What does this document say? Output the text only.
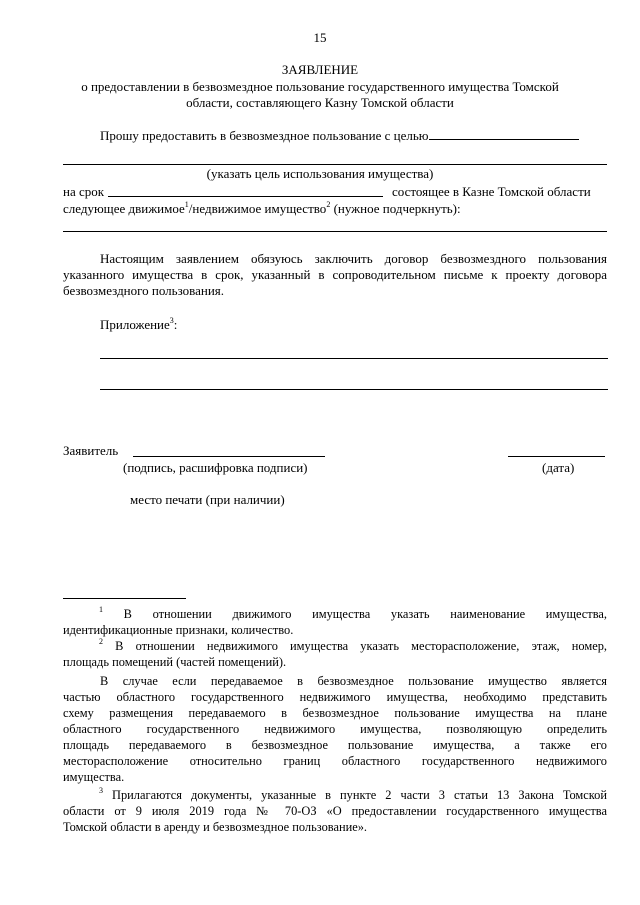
15
ЗАЯВЛЕНИЕ
о предоставлении в безвозмездное пользование государственного имущества Томской
области, составляющего Казну Томской области
Прошу предоставить в безвозмездное пользование с целью
(указать цель использования имущества)
на срок	состоящее в Казне Томской области
следующее движимое$^1$/недвижимое имущество$^2$ (нужное подчеркнуть):
Настоящим заявлением обязуюсь заключить договор безвозмездного пользования
указанного имущества в срок, указанный в сопроводительном письме к проекту договора
безвозмездного пользования.
Приложение$^3$:
Заявитель
(подпись, расшифровка подписи)	(дата)
место печати (при наличии)
$^1$ В отношении движимого имущества указать наименование имущества,
идентификационные признаки, количество.
$^2$ В отношении недвижимого имущества указать месторасположение, этаж, номер,
площадь помещений (частей помещений).
В случае если передаваемое в безвозмездное пользование имущество является
частью областного государственного недвижимого имущества, необходимо представить
схему размещения передаваемого в безвозмездное пользование имущества на плане
областного государственного недвижимого имущества, позволяющую определить
площадь передаваемого в безвозмездное пользование имущества, а также его
месторасположение относительно границ областного государственного недвижимого
имущества.
$^3$ Прилагаются документы, указанные в пункте 2 части 3 статьи 13 Закона Томской
области от 9 июля 2019 года № 70-ОЗ «О предоставлении государственного имущества
Томской области в аренду и безвозмездное пользование».
